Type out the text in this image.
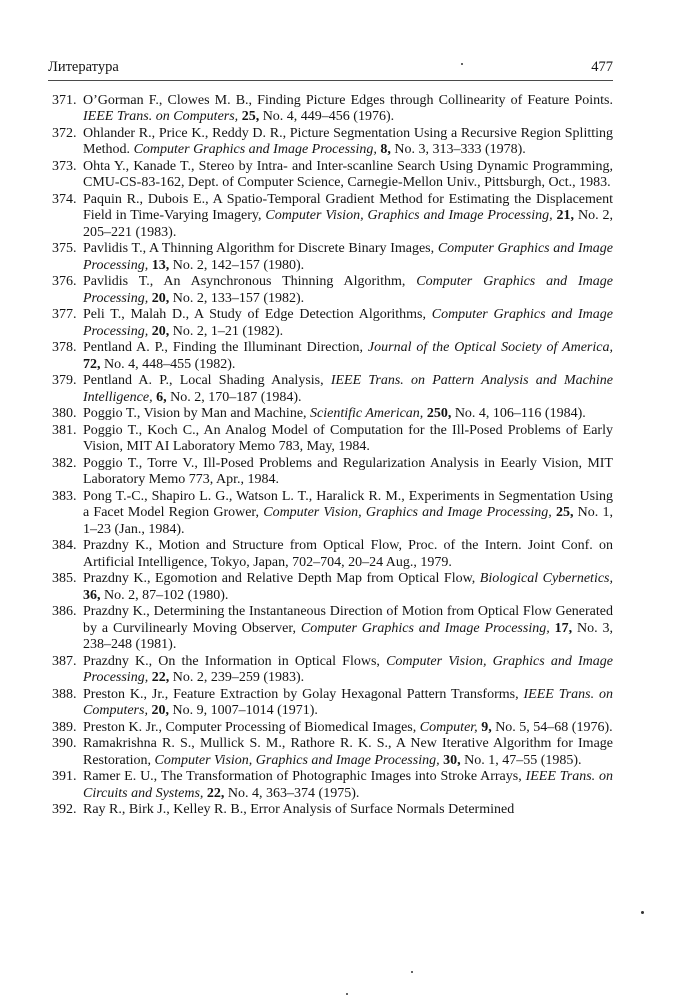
Литература	477
371. O’Gorman F., Clowes M. B., Finding Picture Edges through Collinearity of Feature Points. IEEE Trans. on Computers, 25, No. 4, 449–456 (1976).
372. Ohlander R., Price K., Reddy D. R., Picture Segmentation Using a Recursive Region Splitting Method. Computer Graphics and Image Processing, 8, No. 3, 313–333 (1978).
373. Ohta Y., Kanade T., Stereo by Intra- and Inter-scanline Search Using Dynamic Programming, CMU-CS-83-162, Dept. of Computer Science, Carnegie-Mellon Univ., Pittsburgh, Oct., 1983.
374. Paquin R., Dubois E., A Spatio-Temporal Gradient Method for Estimating the Displacement Field in Time-Varying Imagery, Computer Vision, Graphics and Image Processing, 21, No. 2, 205–221 (1983).
375. Pavlidis T., A Thinning Algorithm for Discrete Binary Images, Computer Graphics and Image Processing, 13, No. 2, 142–157 (1980).
376. Pavlidis T., An Asynchronous Thinning Algorithm, Computer Graphics and Image Processing, 20, No. 2, 133–157 (1982).
377. Peli T., Malah D., A Study of Edge Detection Algorithms, Computer Graphics and Image Processing, 20, No. 2, 1–21 (1982).
378. Pentland A. P., Finding the Illuminant Direction, Journal of the Optical Society of America, 72, No. 4, 448–455 (1982).
379. Pentland A. P., Local Shading Analysis, IEEE Trans. on Pattern Analysis and Machine Intelligence, 6, No. 2, 170–187 (1984).
380. Poggio T., Vision by Man and Machine, Scientific American, 250, No. 4, 106–116 (1984).
381. Poggio T., Koch C., An Analog Model of Computation for the Ill-Posed Problems of Early Vision, MIT AI Laboratory Memo 783, May, 1984.
382. Poggio T., Torre V., Ill-Posed Problems and Regularization Analysis in Eearly Vision, MIT Laboratory Memo 773, Apr., 1984.
383. Pong T.-C., Shapiro L. G., Watson L. T., Haralick R. M., Experiments in Segmentation Using a Facet Model Region Grower, Computer Vision, Graphics and Image Processing, 25, No. 1, 1–23 (Jan., 1984).
384. Prazdny K., Motion and Structure from Optical Flow, Proc. of the Intern. Joint Conf. on Artificial Intelligence, Tokyo, Japan, 702–704, 20–24 Aug., 1979.
385. Prazdny K., Egomotion and Relative Depth Map from Optical Flow, Biological Cybernetics, 36, No. 2, 87–102 (1980).
386. Prazdny K., Determining the Instantaneous Direction of Motion from Optical Flow Generated by a Curvilinearly Moving Observer, Computer Graphics and Image Processing, 17, No. 3, 238–248 (1981).
387. Prazdny K., On the Information in Optical Flows, Computer Vision, Graphics and Image Processing, 22, No. 2, 239–259 (1983).
388. Preston K., Jr., Feature Extraction by Golay Hexagonal Pattern Transforms, IEEE Trans. on Computers, 20, No. 9, 1007–1014 (1971).
389. Preston K. Jr., Computer Processing of Biomedical Images, Computer, 9, No. 5, 54–68 (1976).
390. Ramakrishna R. S., Mullick S. M., Rathore R. K. S., A New Iterative Algorithm for Image Restoration, Computer Vision, Graphics and Image Processing, 30, No. 1, 47–55 (1985).
391. Ramer E. U., The Transformation of Photographic Images into Stroke Arrays, IEEE Trans. on Circuits and Systems, 22, No. 4, 363–374 (1975).
392. Ray R., Birk J., Kelley R. B., Error Analysis of Surface Normals Determined
